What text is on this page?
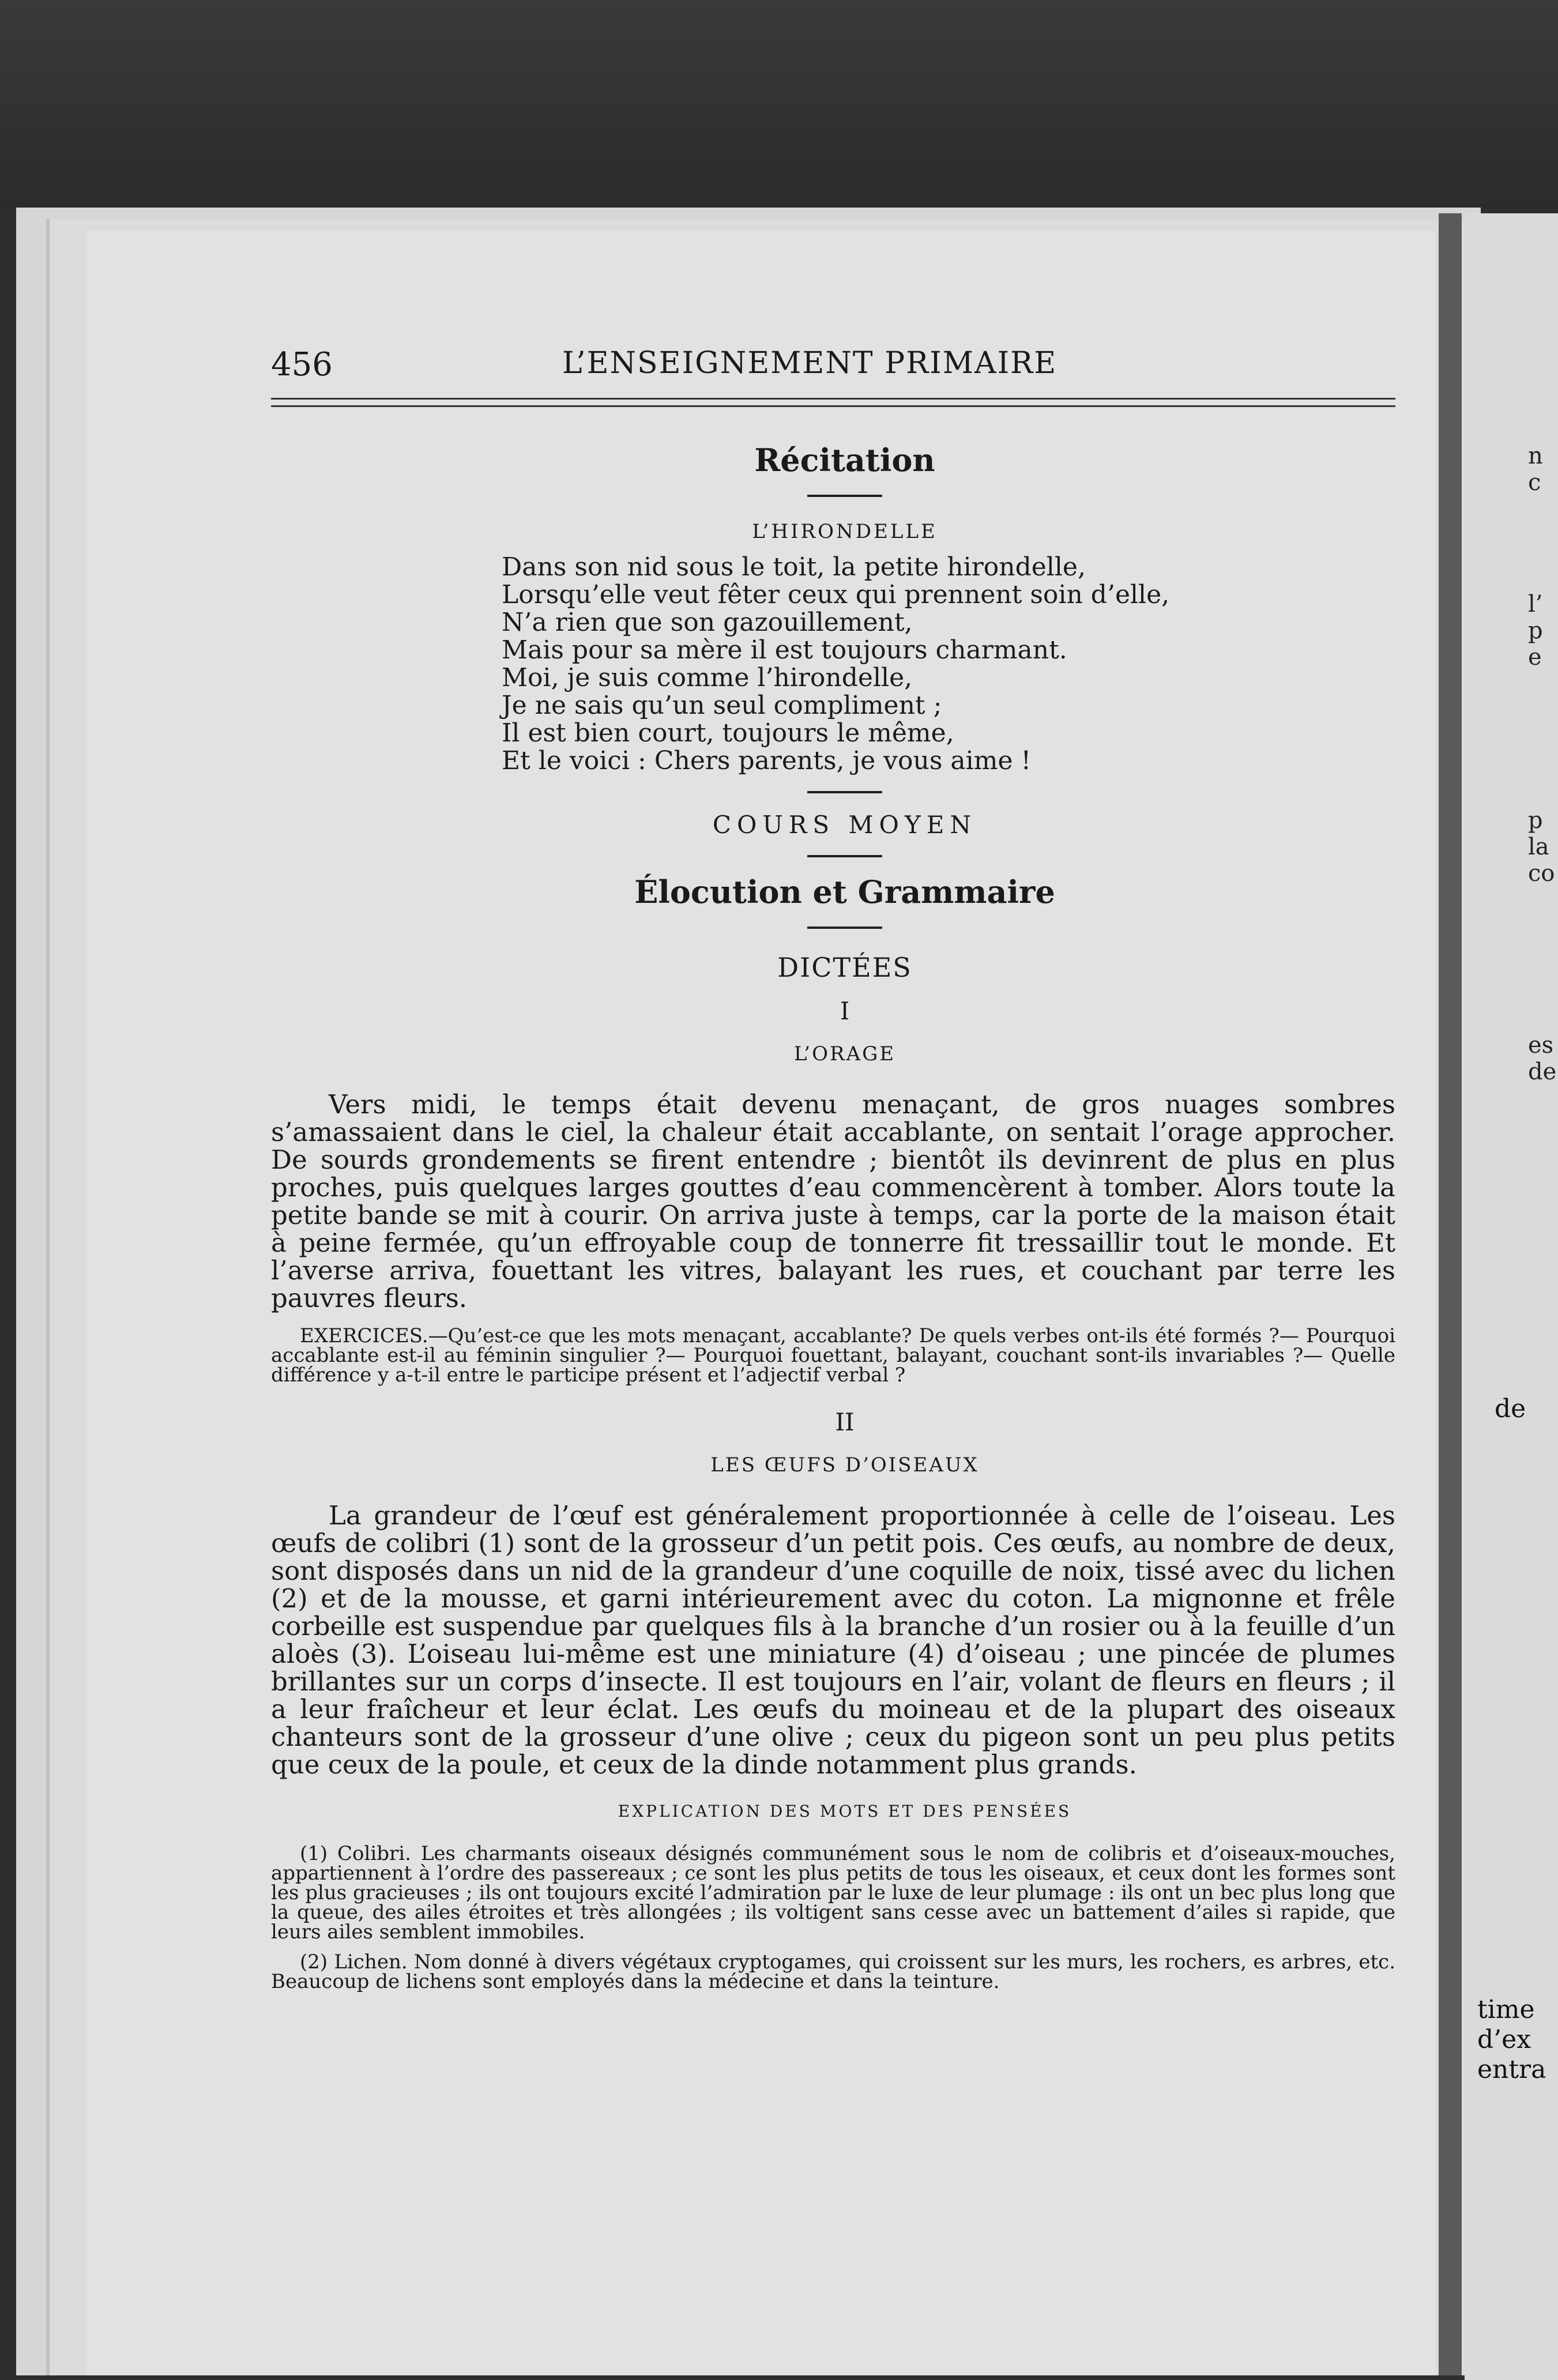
n
c
l’
p
e
p
la
co
es
de
de
time
d’ex
entra
456	L’ENSEIGNEMENT PRIMAIRE
Récitation
L’HIRONDELLE
Dans son nid sous le toit, la petite hirondelle,
Lorsqu’elle veut fêter ceux qui prennent soin d’elle,
N’a rien que son gazouillement,
Mais pour sa mère il est toujours charmant.
Moi, je suis comme l’hirondelle,
Je ne sais qu’un seul compliment ;
Il est bien court, toujours le même,
Et le voici : Chers parents, je vous aime !
COURS MOYEN
Élocution et Grammaire
DICTÉES
I
L’ORAGE

Vers midi, le temps était devenu menaçant, de gros nuages sombres s’amassaient dans le ciel, la chaleur était accablante, on sentait l’orage approcher. De sourds grondements se firent entendre ; bientôt ils devinrent de plus en plus proches, puis quelques larges gouttes d’eau commencèrent à tomber. Alors toute la petite bande se mit à courir. On arriva juste à temps, car la porte de la maison était à peine fermée, qu’un effroyable coup de tonnerre fit tressaillir tout le monde. Et l’averse arriva, fouettant les vitres, balayant les rues, et couchant par terre les pauvres fleurs.

EXERCICES.—Qu’est-ce que les mots menaçant, accablante? De quels verbes ont-ils été formés ?— Pourquoi accablante est-il au féminin singulier ?— Pourquoi fouettant, balayant, couchant sont-ils invariables ?— Quelle différence y a-t-il entre le participe présent et l’adjectif verbal ?

II
LES ŒUFS D’OISEAUX

La grandeur de l’œuf est généralement proportionnée à celle de l’oiseau. Les œufs de colibri (1) sont de la grosseur d’un petit pois. Ces œufs, au nombre de deux, sont disposés dans un nid de la grandeur d’une coquille de noix, tissé avec du lichen (2) et de la mousse, et garni intérieurement avec du coton. La mignonne et frêle corbeille est suspendue par quelques fils à la branche d’un rosier ou à la feuille d’un aloès (3). L’oiseau lui-même est une miniature (4) d’oiseau ; une pincée de plumes brillantes sur un corps d’insecte. Il est toujours en l’air, volant de fleurs en fleurs ; il a leur fraîcheur et leur éclat. Les œufs du moineau et de la plupart des oiseaux chanteurs sont de la grosseur d’une olive ; ceux du pigeon sont un peu plus petits que ceux de la poule, et ceux de la dinde notamment plus grands.

EXPLICATION DES MOTS ET DES PENSÉES

(1) Colibri. Les charmants oiseaux désignés communément sous le nom de colibris et d’oiseaux-mouches, appartiennent à l’ordre des passereaux ; ce sont les plus petits de tous les oiseaux, et ceux dont les formes sont les plus gracieuses ; ils ont toujours excité l’admiration par le luxe de leur plumage : ils ont un bec plus long que la queue, des ailes étroites et très allongées ; ils voltigent sans cesse avec un battement d’ailes si rapide, que leurs ailes semblent immobiles.

(2) Lichen. Nom donné à divers végétaux cryptogames, qui croissent sur les murs, les rochers, es arbres, etc. Beaucoup de lichens sont employés dans la médecine et dans la teinture.
